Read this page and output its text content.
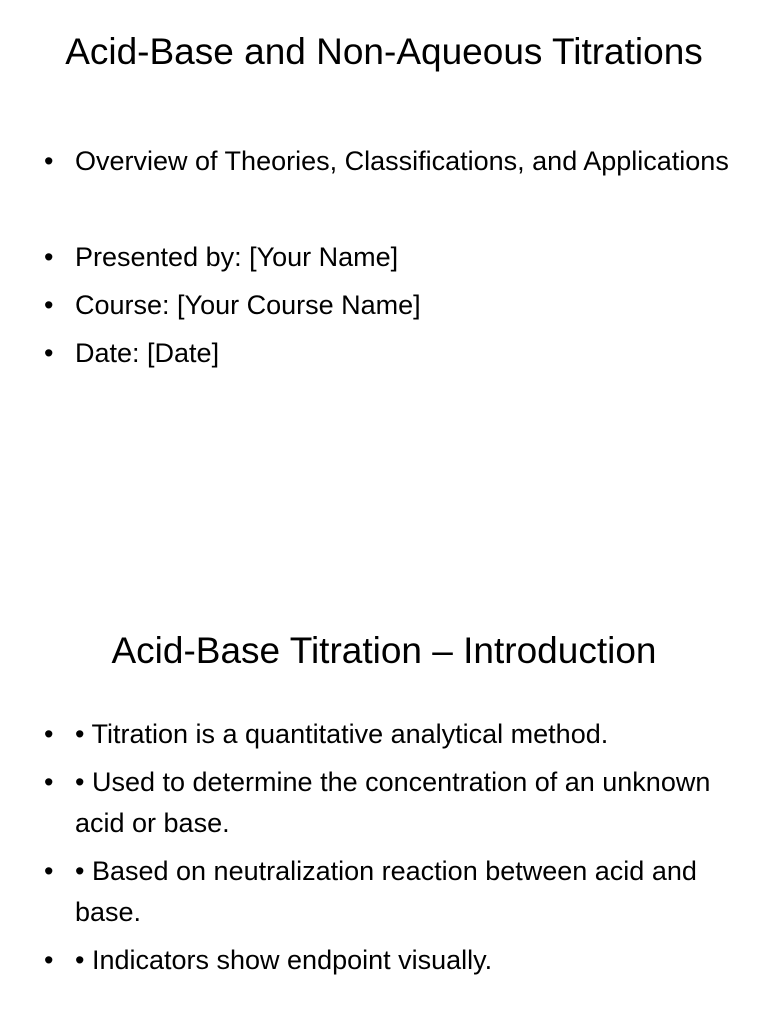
Acid-Base and Non-Aqueous Titrations
• Overview of Theories, Classifications, and Applications
• Presented by: [Your Name]
• Course: [Your Course Name]
• Date: [Date]
Acid-Base Titration – Introduction
• • Titration is a quantitative analytical method.
• • Used to determine the concentration of an unknown acid or base.
• • Based on neutralization reaction between acid and base.
• • Indicators show endpoint visually.
